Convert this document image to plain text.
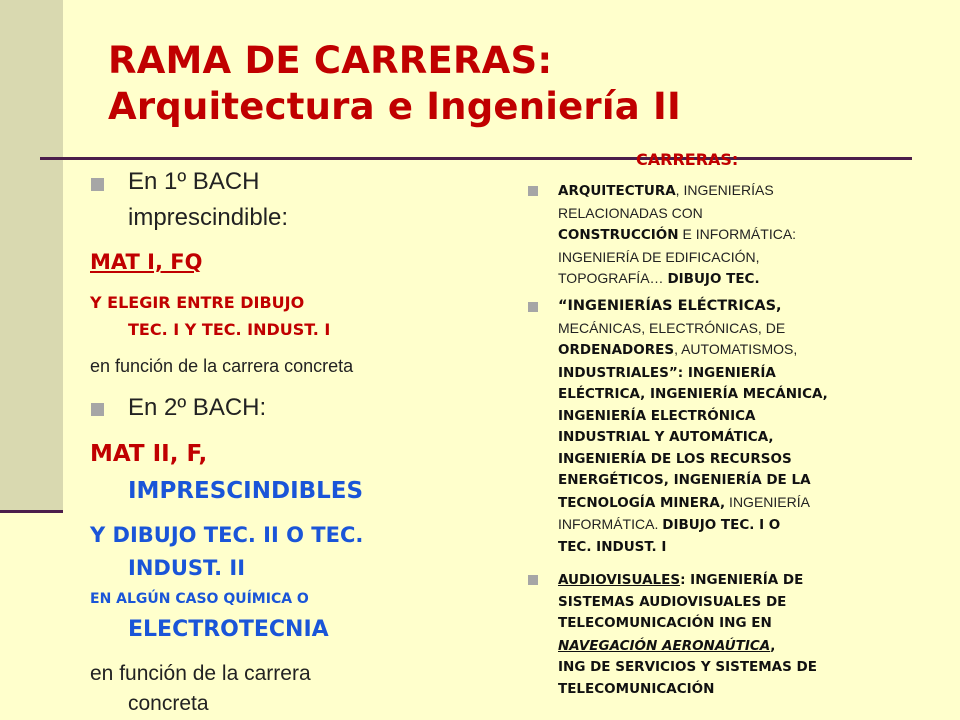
RAMA DE CARRERAS:
Arquitectura e Ingeniería II
CARRERAS:
En 1º BACH
imprescindible:
MAT I, FQ
Y ELEGIR ENTRE DIBUJO
TEC. I Y TEC. INDUST. I
en función de la carrera concreta
En 2º BACH:
MAT II, F,
IMPRESCINDIBLES
Y DIBUJO TEC. II O TEC.
INDUST. II
EN ALGÚN CASO QUÍMICA O
ELECTROTECNIA
en función de la carrera
concreta
ARQUITECTURA, INGENIERÍAS
RELACIONADAS CON
CONSTRUCCIÓN E INFORMÁTICA:
INGENIERÍA DE EDIFICACIÓN,
TOPOGRAFÍA… DIBUJO TEC.
“INGENIERÍAS ELÉCTRICAS,
MECÁNICAS, ELECTRÓNICAS, DE
ORDENADORES, AUTOMATISMOS,
INDUSTRIALES”: INGENIERÍA
ELÉCTRICA, INGENIERÍA MECÁNICA,
INGENIERÍA ELECTRÓNICA
INDUSTRIAL Y AUTOMÁTICA,
INGENIERÍA DE LOS RECURSOS
ENERGÉTICOS, INGENIERÍA DE LA
TECNOLOGÍA MINERA, INGENIERÍA
INFORMÁTICA. DIBUJO TEC. I O
TEC. INDUST. I
AUDIOVISUALES: INGENIERÍA DE
SISTEMAS AUDIOVISUALES DE
TELECOMUNICACIÓN ING EN
NAVEGACIÓN AERONAÚTICA,
ING DE SERVICIOS Y SISTEMAS DE
TELECOMUNICACIÓN
